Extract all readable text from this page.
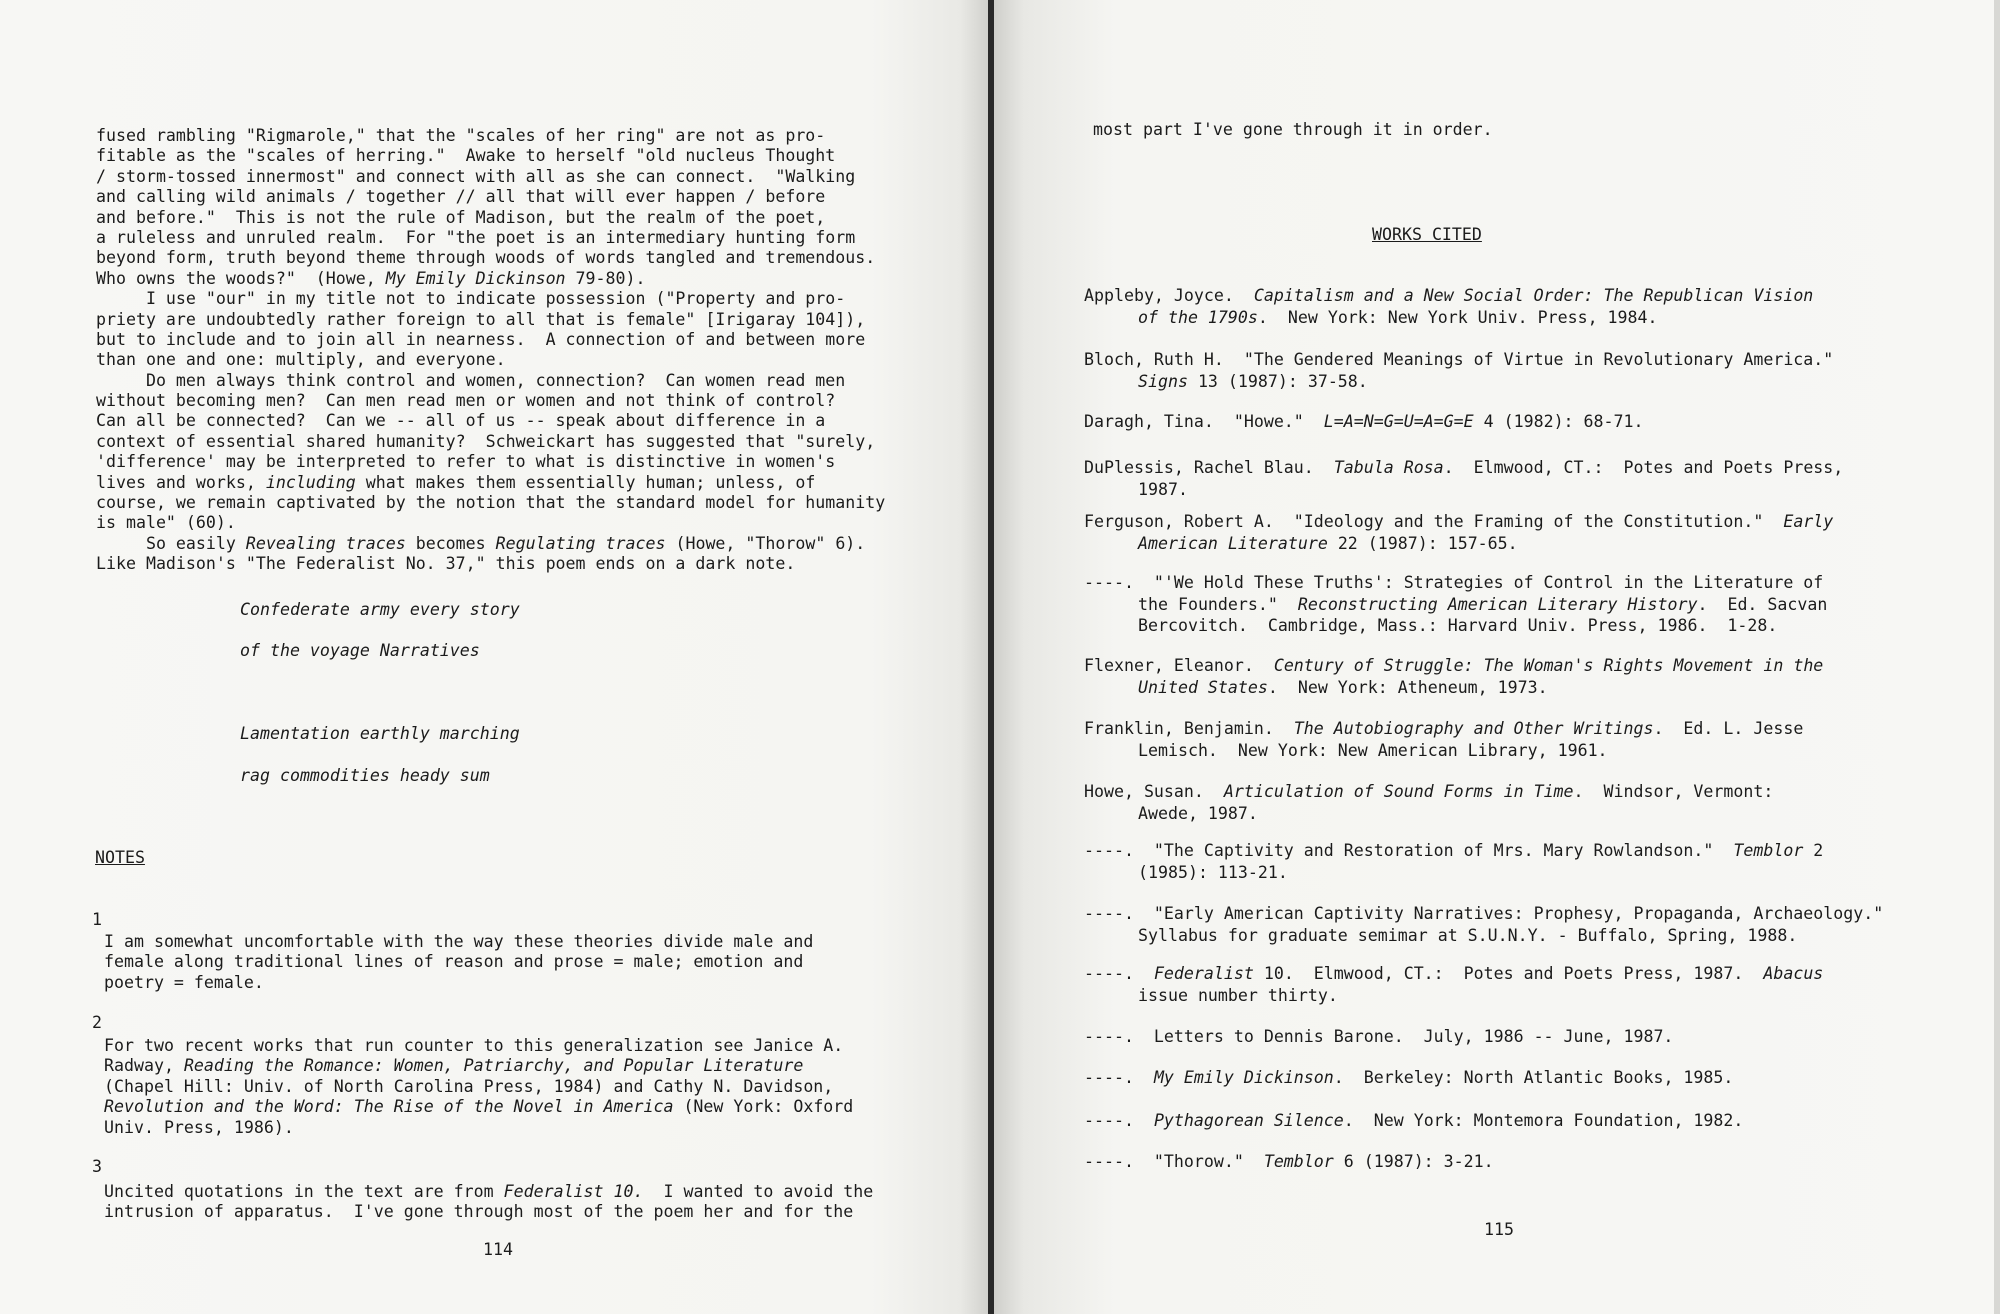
fused rambling "Rigmarole," that the "scales of her ring" are not as pro-
fitable as the "scales of herring."  Awake to herself "old nucleus Thought
/ storm-tossed innermost" and connect with all as she can connect.  "Walking
and calling wild animals / together // all that will ever happen / before
and before."  This is not the rule of Madison, but the realm of the poet,
a ruleless and unruled realm.  For "the poet is an intermediary hunting form
beyond form, truth beyond theme through woods of words tangled and tremendous.
Who owns the woods?"  (Howe, My Emily Dickinson 79-80).
I use "our" in my title not to indicate possession ("Property and pro-
priety are undoubtedly rather foreign to all that is female" [Irigaray 104]),
but to include and to join all in nearness.  A connection of and between more
than one and one: multiply, and everyone.
Do men always think control and women, connection?  Can women read men
without becoming men?  Can men read men or women and not think of control?
Can all be connected?  Can we -- all of us -- speak about difference in a
context of essential shared humanity?  Schweickart has suggested that "surely,
'difference' may be interpreted to refer to what is distinctive in women's
lives and works, including what makes them essentially human; unless, of
course, we remain captivated by the notion that the standard model for humanity
is male" (60).
So easily Revealing traces becomes Regulating traces (Howe, "Thorow" 6).
Like Madison's "The Federalist No. 37," this poem ends on a dark note.
Confederate army every story
of the voyage Narratives
Lamentation earthly marching
rag commodities heady sum
NOTES
1
I am somewhat uncomfortable with the way these theories divide male and
female along traditional lines of reason and prose = male; emotion and
poetry = female.
2
For two recent works that run counter to this generalization see Janice A.
Radway, Reading the Romance: Women, Patriarchy, and Popular Literature
(Chapel Hill: Univ. of North Carolina Press, 1984) and Cathy N. Davidson,
Revolution and the Word: The Rise of the Novel in America (New York: Oxford
Univ. Press, 1986).
3
Uncited quotations in the text are from Federalist 10.  I wanted to avoid the
intrusion of apparatus.  I've gone through most of the poem her and for the
114
most part I've gone through it in order.
WORKS CITED
Appleby, Joyce.  Capitalism and a New Social Order: The Republican Vision
of the 1790s.  New York: New York Univ. Press, 1984.
Bloch, Ruth H.  "The Gendered Meanings of Virtue in Revolutionary America."
Signs 13 (1987): 37-58.
Daragh, Tina.  "Howe."  L=A=N=G=U=A=G=E 4 (1982): 68-71.
DuPlessis, Rachel Blau.  Tabula Rosa.  Elmwood, CT.:  Potes and Poets Press,
1987.
Ferguson, Robert A.  "Ideology and the Framing of the Constitution."  Early
American Literature 22 (1987): 157-65.
----.  "'We Hold These Truths': Strategies of Control in the Literature of
the Founders."  Reconstructing American Literary History.  Ed. Sacvan
Bercovitch.  Cambridge, Mass.: Harvard Univ. Press, 1986.  1-28.
Flexner, Eleanor.  Century of Struggle: The Woman's Rights Movement in the
United States.  New York: Atheneum, 1973.
Franklin, Benjamin.  The Autobiography and Other Writings.  Ed. L. Jesse
Lemisch.  New York: New American Library, 1961.
Howe, Susan.  Articulation of Sound Forms in Time.  Windsor, Vermont:
Awede, 1987.
----.  "The Captivity and Restoration of Mrs. Mary Rowlandson."  Temblor 2
(1985): 113-21.
----.  "Early American Captivity Narratives: Prophesy, Propaganda, Archaeology."
Syllabus for graduate semimar at S.U.N.Y. - Buffalo, Spring, 1988.
----.  Federalist 10.  Elmwood, CT.:  Potes and Poets Press, 1987.  Abacus
issue number thirty.
----.  Letters to Dennis Barone.  July, 1986 -- June, 1987.
----.  My Emily Dickinson.  Berkeley: North Atlantic Books, 1985.
----.  Pythagorean Silence.  New York: Montemora Foundation, 1982.
----.  "Thorow."  Temblor 6 (1987): 3-21.
115
